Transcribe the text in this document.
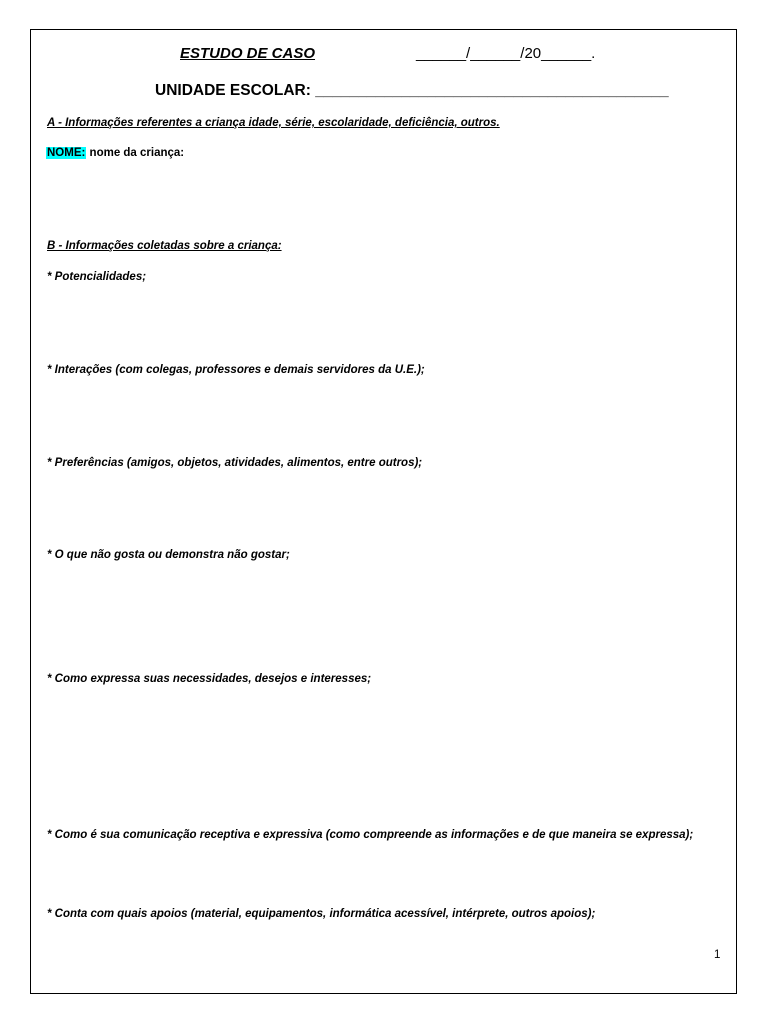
ESTUDO DE CASO	______/______/20______.
UNIDADE ESCOLAR: _________________________________________
A - Informações referentes a criança idade, série, escolaridade, deficiência, outros.
NOME: nome da criança:
B - Informações coletadas sobre a criança:
* Potencialidades;
* Interações (com colegas, professores e demais servidores da U.E.);
* Preferências (amigos, objetos, atividades, alimentos, entre outros);
* O que não gosta ou demonstra não gostar;
* Como expressa suas necessidades, desejos e interesses;
* Como é sua comunicação receptiva e expressiva (como compreende as informações e de que maneira se expressa);
* Conta com quais apoios (material, equipamentos, informática acessível, intérprete, outros apoios);
1
